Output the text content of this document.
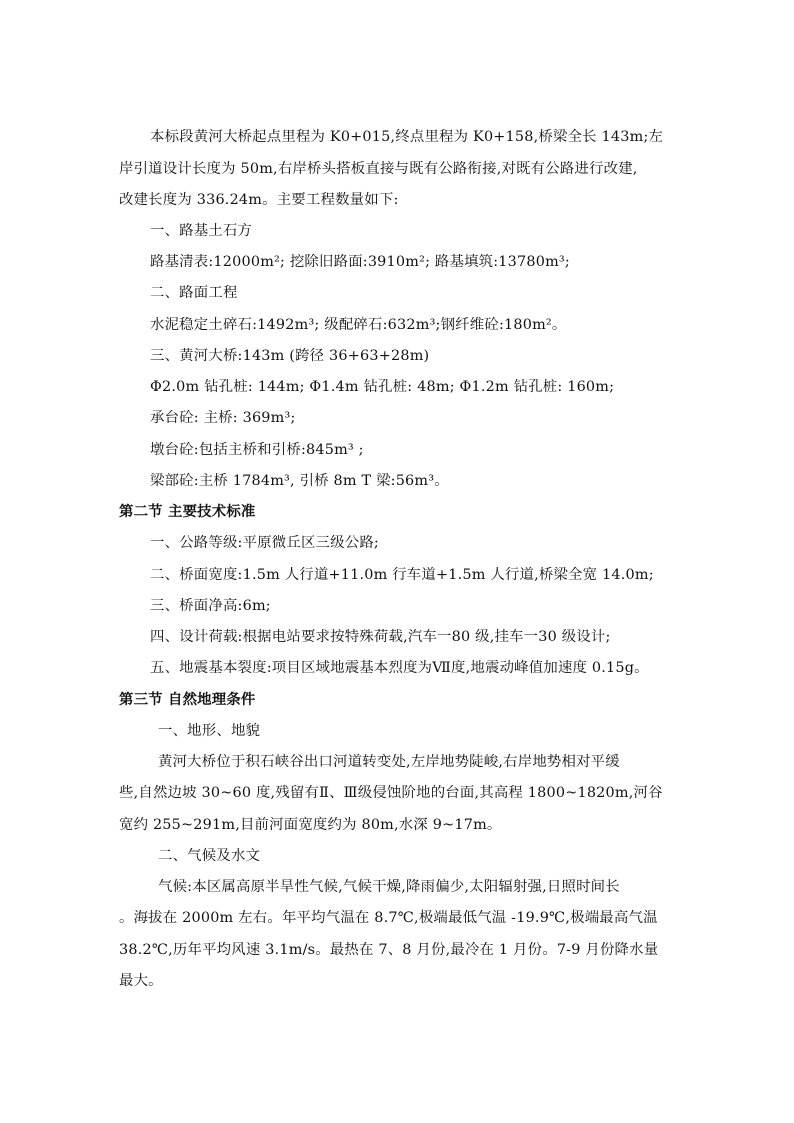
本标段黄河大桥起点里程为 K0+015,终点里程为 K0+158,桥梁全长 143m;左
岸引道设计长度为 50m,右岸桥头搭板直接与既有公路衔接,对既有公路进行改建,
改建长度为 336.24m。主要工程数量如下:
一、路基土石方
路基清表:12000m²; 挖除旧路面:3910m²; 路基填筑:13780m³;
二、路面工程
水泥稳定土碎石:1492m³; 级配碎石:632m³;钢纤维砼:180m²。
三、黄河大桥:143m (跨径 36+63+28m)
Φ2.0m 钻孔桩: 144m; Φ1.4m 钻孔桩: 48m; Φ1.2m 钻孔桩: 160m;
承台砼: 主桥: 369m³;
墩台砼:包括主桥和引桥:845m³ ;
梁部砼:主桥 1784m³, 引桥 8m T 梁:56m³。
第二节 主要技术标准
一、公路等级:平原微丘区三级公路;
二、桥面宽度:1.5m 人行道+11.0m 行车道+1.5m 人行道,桥梁全宽 14.0m;
三、桥面净高:6m;
四、设计荷载:根据电站要求按特殊荷载,汽车一80 级,挂车一30 级设计;
五、地震基本裂度:项目区域地震基本烈度为Ⅶ度,地震动峰值加速度 0.15g。
第三节 自然地理条件
一、地形、地貌
黄河大桥位于积石峡谷出口河道转变处,左岸地势陡峻,右岸地势相对平缓
些,自然边坡 30~60 度,残留有Ⅱ、Ⅲ级侵蚀阶地的台面,其高程 1800~1820m,河谷
宽约 255~291m,目前河面宽度约为 80m,水深 9~17m。
二、气候及水文
气候:本区属高原半旱性气候,气候干燥,降雨偏少,太阳辐射强,日照时间长
。海拔在 2000m 左右。年平均气温在 8.7℃,极端最低气温 -19.9℃,极端最高气温
38.2℃,历年平均风速 3.1m/s。最热在 7、8 月份,最冷在 1 月份。7-9 月份降水量
最大。
